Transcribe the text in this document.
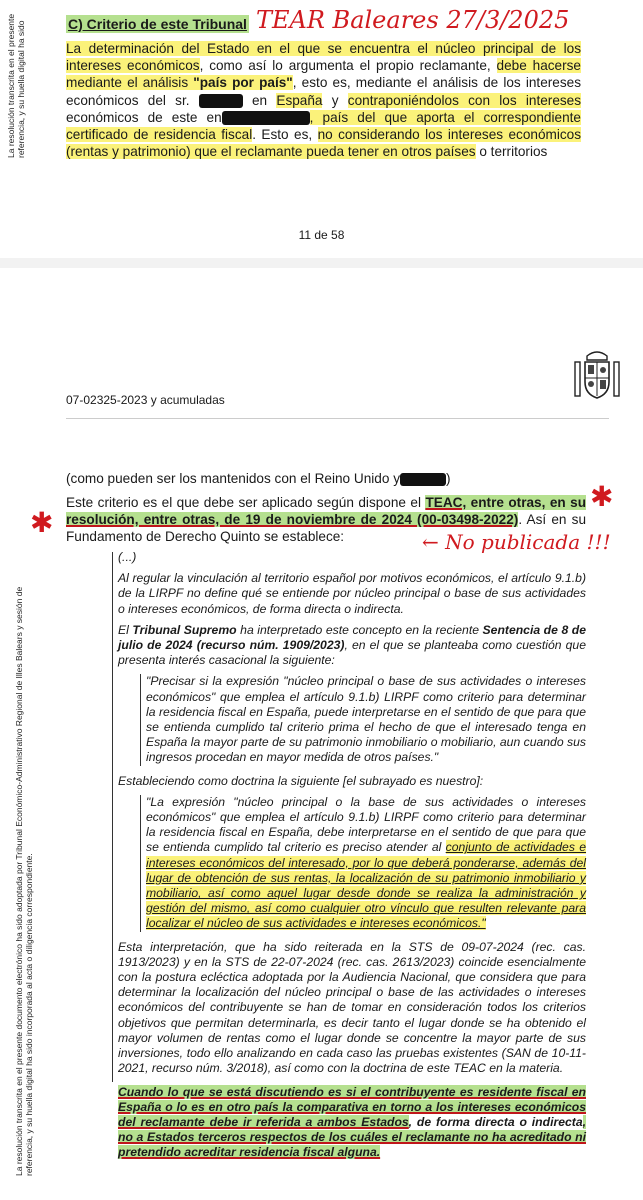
La resolución transcrita en el presente
referencia, y su huella digital ha sido	C) Criterio de este Tribunal TEAR Baleares 27/3/2025

La determinación del Estado en el que se encuentra el núcleo principal de los intereses económicos, como así lo argumenta el propio reclamante, debe hacerse mediante el análisis "país por país", esto es, mediante el análisis de los intereses económicos del sr.	en España y contraponiéndolos con los intereses económicos de este en	, país del que aporta el correspondiente certificado de residencia fiscal. Esto es, no considerando los intereses económicos (rentas y patrimonio) que el reclamante pueda tener en otros países o territorios

11 de 58
La resolución transcrita en el presente documento electrónico ha sido adoptada por Tribunal Económico-Administrativo Regional de Illes Balears y sesión de
referencia, y su huella digital ha sido incorporada al acta o diligencia correspondiente.
07-02325-2023 y acumuladas

(como pueden ser los mantenidos con el Reino Unido y	)

Este criterio es el que debe ser aplicado según dispone el TEAC, entre otras, en su resolución, entre otras, de 19 de noviembre de 2024 (00-03498-2022). Así en su Fundamento de Derecho Quinto se establece:

✱
✱
← No publicada !!!

(...)

Al regular la vinculación al territorio español por motivos económicos, el artículo 9.1.b) de la LIRPF no define qué se entiende por núcleo principal o base de sus actividades o intereses económicos, de forma directa o indirecta.

El Tribunal Supremo ha interpretado este concepto en la reciente Sentencia de 8 de julio de 2024 (recurso núm. 1909/2023), en el que se planteaba como cuestión que presenta interés casacional la siguiente:

"Precisar si la expresión "núcleo principal o base de sus actividades o intereses económicos" que emplea el artículo 9.1.b) LIRPF como criterio para determinar la residencia fiscal en España, puede interpretarse en el sentido de que para que se entienda cumplido tal criterio prima el hecho de que el interesado tenga en España la mayor parte de su patrimonio inmobiliario o mobiliario, aun cuando sus ingresos procedan en mayor medida de otros países."

Estableciendo como doctrina la siguiente [el subrayado es nuestro]:

"La expresión "núcleo principal o la base de sus actividades o intereses económicos" que emplea el artículo 9.1.b) LIRPF como criterio para determinar la residencia fiscal en España, debe interpretarse en el sentido de que para que se entienda cumplido tal criterio es preciso atender al conjunto de actividades e intereses económicos del interesado, por lo que deberá ponderarse, además del lugar de obtención de sus rentas, la localización de su patrimonio inmobiliario y mobiliario, así como aquel lugar desde donde se realiza la administración y gestión del mismo, así como cualquier otro vínculo que resulten relevante para localizar el núcleo de sus actividades e intereses económicos."

Esta interpretación, que ha sido reiterada en la STS de 09-07-2024 (rec. cas. 1913/2023) y en la STS de 22-07-2024 (rec. cas. 2613/2023) coincide esencialmente con la postura ecléctica adoptada por la Audiencia Nacional, que considera que para determinar la localización del núcleo principal o base de las actividades o intereses económicos del contribuyente se han de tomar en consideración todos los criterios objetivos que permitan determinarla, es decir tanto el lugar donde se ha obtenido el mayor volumen de rentas como el lugar donde se concentre la mayor parte de sus inversiones, todo ello analizando en cada caso las pruebas existentes (SAN de 10-11-2021, recurso núm. 3/2018), así como con la doctrina de este TEAC en la materia.

Cuando lo que se está discutiendo es si el contribuyente es residente fiscal en España o lo es en otro país la comparativa en torno a los intereses económicos del reclamante debe ir referida a ambos Estados, de forma directa o indirecta, no a Estados terceros respectos de los cuáles el reclamante no ha acreditado ni pretendido acreditar residencia fiscal alguna.
